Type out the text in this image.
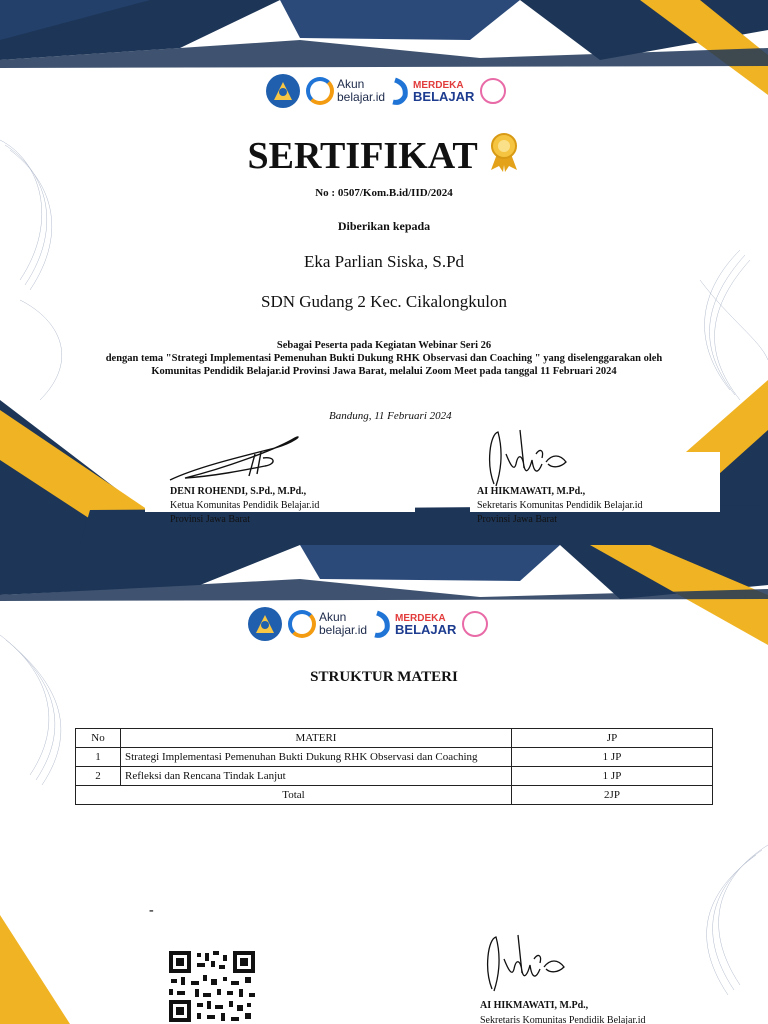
Akun
belajar.id
MERDEKA
BELAJAR
SERTIFIKAT
No : 0507/Kom.B.id/IID/2024
Diberikan kepada
Eka Parlian Siska, S.Pd
SDN Gudang 2 Kec. Cikalongkulon
Sebagai Peserta pada Kegiatan Webinar Seri 26
dengan tema "Strategi Implementasi Pemenuhan Bukti Dukung RHK Observasi dan Coaching " yang diselenggarakan oleh
Komunitas Pendidik Belajar.id Provinsi Jawa Barat, melalui Zoom Meet pada tanggal 11 Februari 2024
Bandung, 11 Februari 2024
DENI ROHENDI, S.Pd., M.Pd.,
Ketua Komunitas Pendidik Belajar.id
Provinsi Jawa Barat
AI HIKMAWATI, M.Pd.,
Sekretaris Komunitas Pendidik Belajar.id
Provinsi Jawa Barat
Akun
belajar.id
MERDEKA
BELAJAR
STRUKTUR MATERI
No	MATERI	JP
1	Strategi Implementasi Pemenuhan Bukti Dukung RHK Observasi dan Coaching	1 JP
2	Refleksi dan Rencana Tindak Lanjut	1 JP
Total		2JP
-
AI HIKMAWATI, M.Pd.,
Sekretaris Komunitas Pendidik Belajar.id
